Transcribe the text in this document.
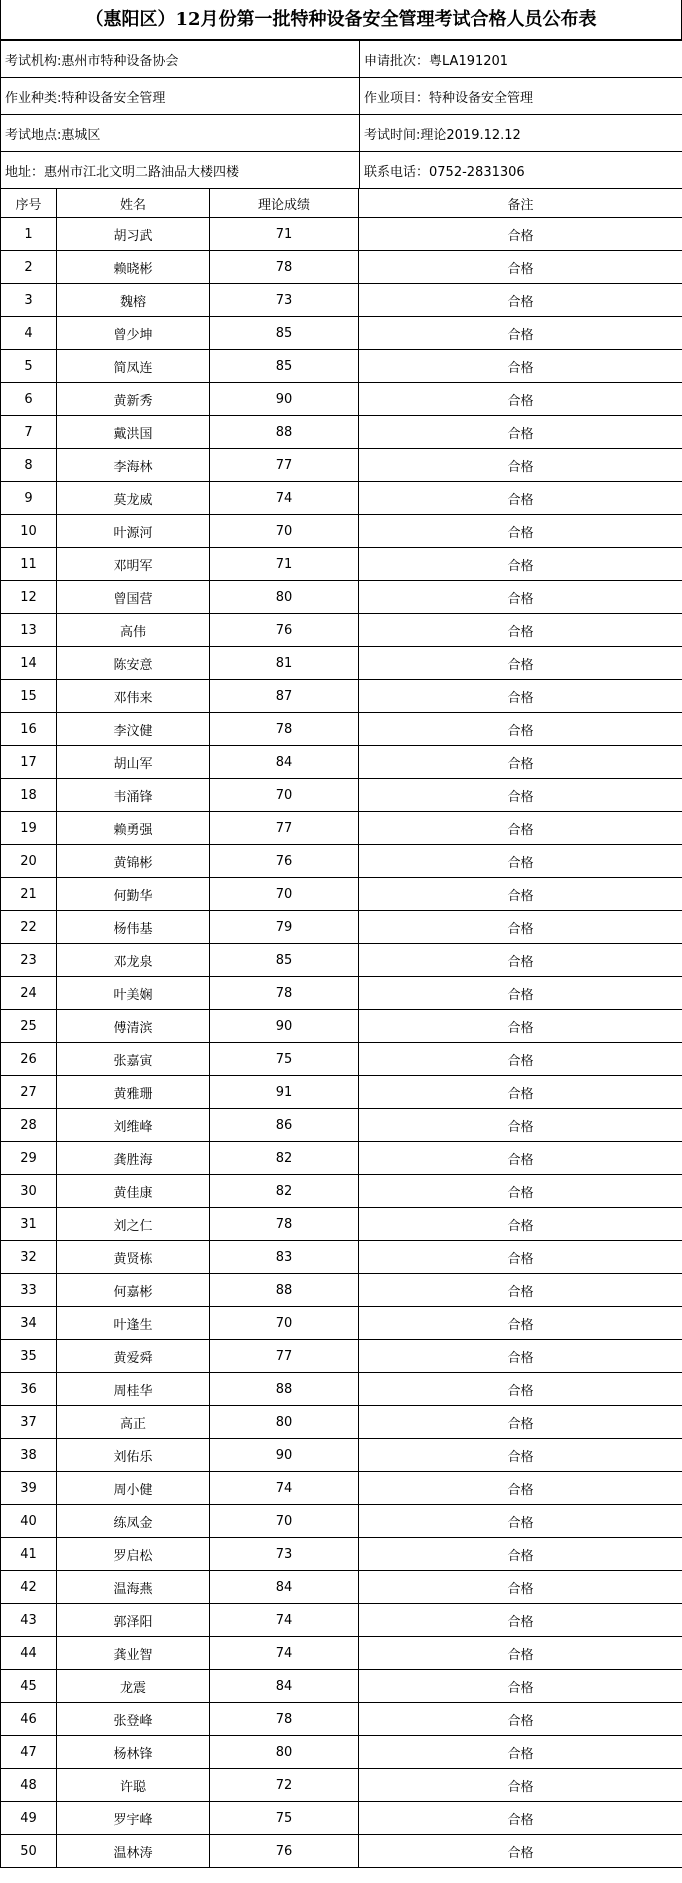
（惠阳区）12月份第一批特种设备安全管理考试合格人员公布表
考试机构:惠州市特种设备协会	申请批次：粤LA191201
作业种类:特种设备安全管理	作业项目：特种设备安全管理
考试地点:惠城区	考试时间:理论2019.12.12
地址：惠州市江北文明二路油品大楼四楼	联系电话：0752-2831306
序号	姓名	理论成绩	备注
1	胡习武	71	合格
2	赖晓彬	78	合格
3	魏榕	73	合格
4	曾少坤	85	合格
5	简凤连	85	合格
6	黄新秀	90	合格
7	戴洪国	88	合格
8	李海林	77	合格
9	莫龙威	74	合格
10	叶源河	70	合格
11	邓明军	71	合格
12	曾国营	80	合格
13	高伟	76	合格
14	陈安意	81	合格
15	邓伟来	87	合格
16	李汶健	78	合格
17	胡山军	84	合格
18	韦涌锋	70	合格
19	赖勇强	77	合格
20	黄锦彬	76	合格
21	何勤华	70	合格
22	杨伟基	79	合格
23	邓龙泉	85	合格
24	叶美娴	78	合格
25	傅清滨	90	合格
26	张嘉寅	75	合格
27	黄雅珊	91	合格
28	刘维峰	86	合格
29	龚胜海	82	合格
30	黄佳康	82	合格
31	刘之仁	78	合格
32	黄贤栋	83	合格
33	何嘉彬	88	合格
34	叶逢生	70	合格
35	黄爱舜	77	合格
36	周桂华	88	合格
37	高正	80	合格
38	刘佑乐	90	合格
39	周小健	74	合格
40	练凤金	70	合格
41	罗启松	73	合格
42	温海燕	84	合格
43	郭泽阳	74	合格
44	龚业智	74	合格
45	龙震	84	合格
46	张登峰	78	合格
47	杨林锋	80	合格
48	许聪	72	合格
49	罗宇峰	75	合格
50	温林涛	76	合格
